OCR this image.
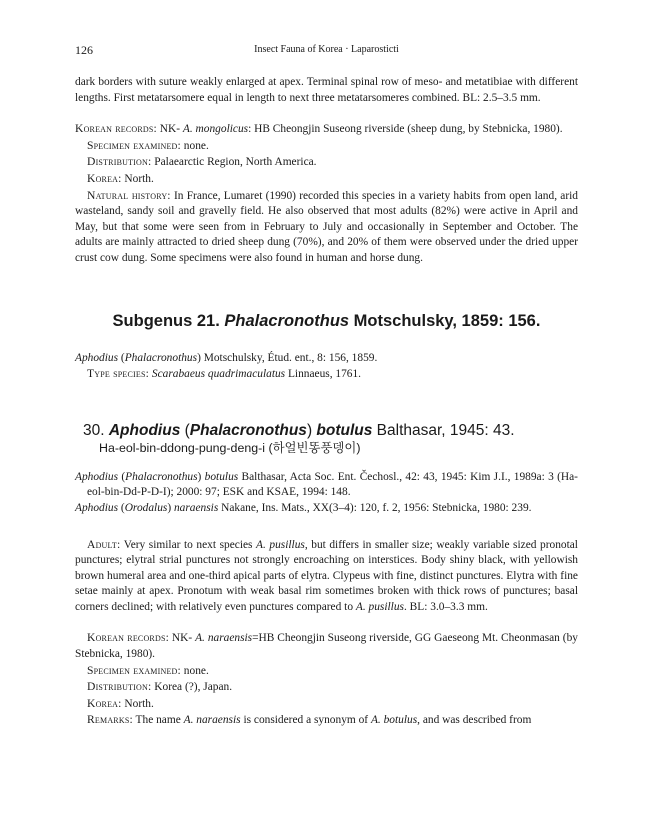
126	Insect Fauna of Korea · Laparosticti

dark borders with suture weakly enlarged at apex. Terminal spinal row of meso- and metatibiae with different lengths. First metatarsomere equal in length to next three metatarsomeres combined. BL: 2.5–3.5 mm.

Korean records: NK- A. mongolicus: HB Cheongjin Suseong riverside (sheep dung, by Stebnicka, 1980).

Specimen examined: none.

Distribution: Palaearctic Region, North America.

Korea: North.

Natural history: In France, Lumaret (1990) recorded this species in a variety habits from open land, arid wasteland, sandy soil and gravelly field. He also observed that most adults (82%) were active in April and May, but that some were seen from in February to July and occasionally in September and October. The adults are mainly attracted to dried sheep dung (70%), and 20% of them were observed under the dried upper crust cow dung. Some specimens were also found in human and horse dung.

Subgenus 21. Phalacronothus Motschulsky, 1859: 156.

Aphodius (Phalacronothus) Motschulsky, Étud. ent., 8: 156, 1859.

Type species: Scarabaeus quadrimaculatus Linnaeus, 1761.

30. Aphodius (Phalacronothus) botulus Balthasar, 1945: 43.
Ha-eol-bin-ddong-pung-deng-i (하얼빈똥풍뎅이)

Aphodius (Phalacronothus) botulus Balthasar, Acta Soc. Ent. Čechosl., 42: 43, 1945: Kim J.I., 1989a: 3 (Ha-eol-bin-Dd-P-D-I); 2000: 97; ESK and KSAE, 1994: 148.

Aphodius (Orodalus) naraensis Nakane, Ins. Mats., XX(3–4): 120, f. 2, 1956: Stebnicka, 1980: 239.

Adult: Very similar to next species A. pusillus, but differs in smaller size; weakly variable sized pronotal punctures; elytral strial punctures not strongly encroaching on interstices. Body shiny black, with yellowish brown humeral area and one-third apical parts of elytra. Clypeus with fine, distinct punctures. Elytra with fine setae mainly at apex. Pronotum with weak basal rim sometimes broken with thick rows of punctures; basal corners declined; with relatively even punctures compared to A. pusillus. BL: 3.0–3.3 mm.

Korean records: NK- A. naraensis=HB Cheongjin Suseong riverside, GG Gaeseong Mt. Cheonmasan (by Stebnicka, 1980).

Specimen examined: none.

Distribution: Korea (?), Japan.

Korea: North.

Remarks: The name A. naraensis is considered a synonym of A. botulus, and was described from
